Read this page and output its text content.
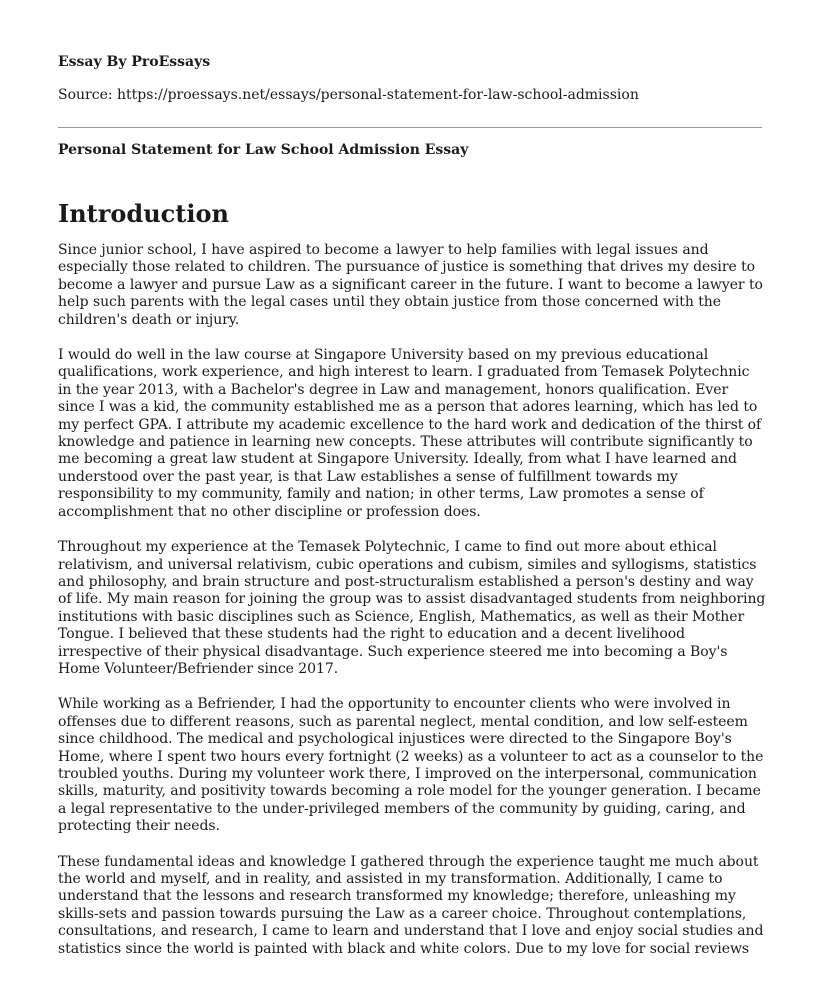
Essay By ProEssays

Source: https://proessays.net/essays/personal-statement-for-law-school-admission

Personal Statement for Law School Admission Essay
Introduction

Since junior school, I have aspired to become a lawyer to help families with legal issues and especially those related to children. The pursuance of justice is something that drives my desire to become a lawyer and pursue Law as a significant career in the future. I want to become a lawyer to help such parents with the legal cases until they obtain justice from those concerned with the children's death or injury.

I would do well in the law course at Singapore University based on my previous educational qualifications, work experience, and high interest to learn. I graduated from Temasek Polytechnic in the year 2013, with a Bachelor's degree in Law and management, honors qualification. Ever since I was a kid, the community established me as a person that adores learning, which has led to my perfect GPA. I attribute my academic excellence to the hard work and dedication of the thirst of knowledge and patience in learning new concepts. These attributes will contribute significantly to me becoming a great law student at Singapore University. Ideally, from what I have learned and understood over the past year, is that Law establishes a sense of fulfillment towards my responsibility to my community, family and nation; in other terms, Law promotes a sense of accomplishment that no other discipline or profession does.

Throughout my experience at the Temasek Polytechnic, I came to find out more about ethical relativism, and universal relativism, cubic operations and cubism, similes and syllogisms, statistics and philosophy, and brain structure and post-structuralism established a person's destiny and way of life. My main reason for joining the group was to assist disadvantaged students from neighboring institutions with basic disciplines such as Science, English, Mathematics, as well as their Mother Tongue. I believed that these students had the right to education and a decent livelihood irrespective of their physical disadvantage. Such experience steered me into becoming a Boy's Home Volunteer/Befriender since 2017.

While working as a Befriender, I had the opportunity to encounter clients who were involved in offenses due to different reasons, such as parental neglect, mental condition, and low self-esteem since childhood. The medical and psychological injustices were directed to the Singapore Boy's Home, where I spent two hours every fortnight (2 weeks) as a volunteer to act as a counselor to the troubled youths. During my volunteer work there, I improved on the interpersonal, communication skills, maturity, and positivity towards becoming a role model for the younger generation. I became a legal representative to the under-privileged members of the community by guiding, caring, and protecting their needs.

These fundamental ideas and knowledge I gathered through the experience taught me much about the world and myself, and in reality, and assisted in my transformation. Additionally, I came to understand that the lessons and research transformed my knowledge; therefore, unleashing my skills-sets and passion towards pursuing the Law as a career choice. Throughout contemplations, consultations, and research, I came to learn and understand that I love and enjoy social studies and statistics since the world is painted with black and white colors. Due to my love for social reviews
